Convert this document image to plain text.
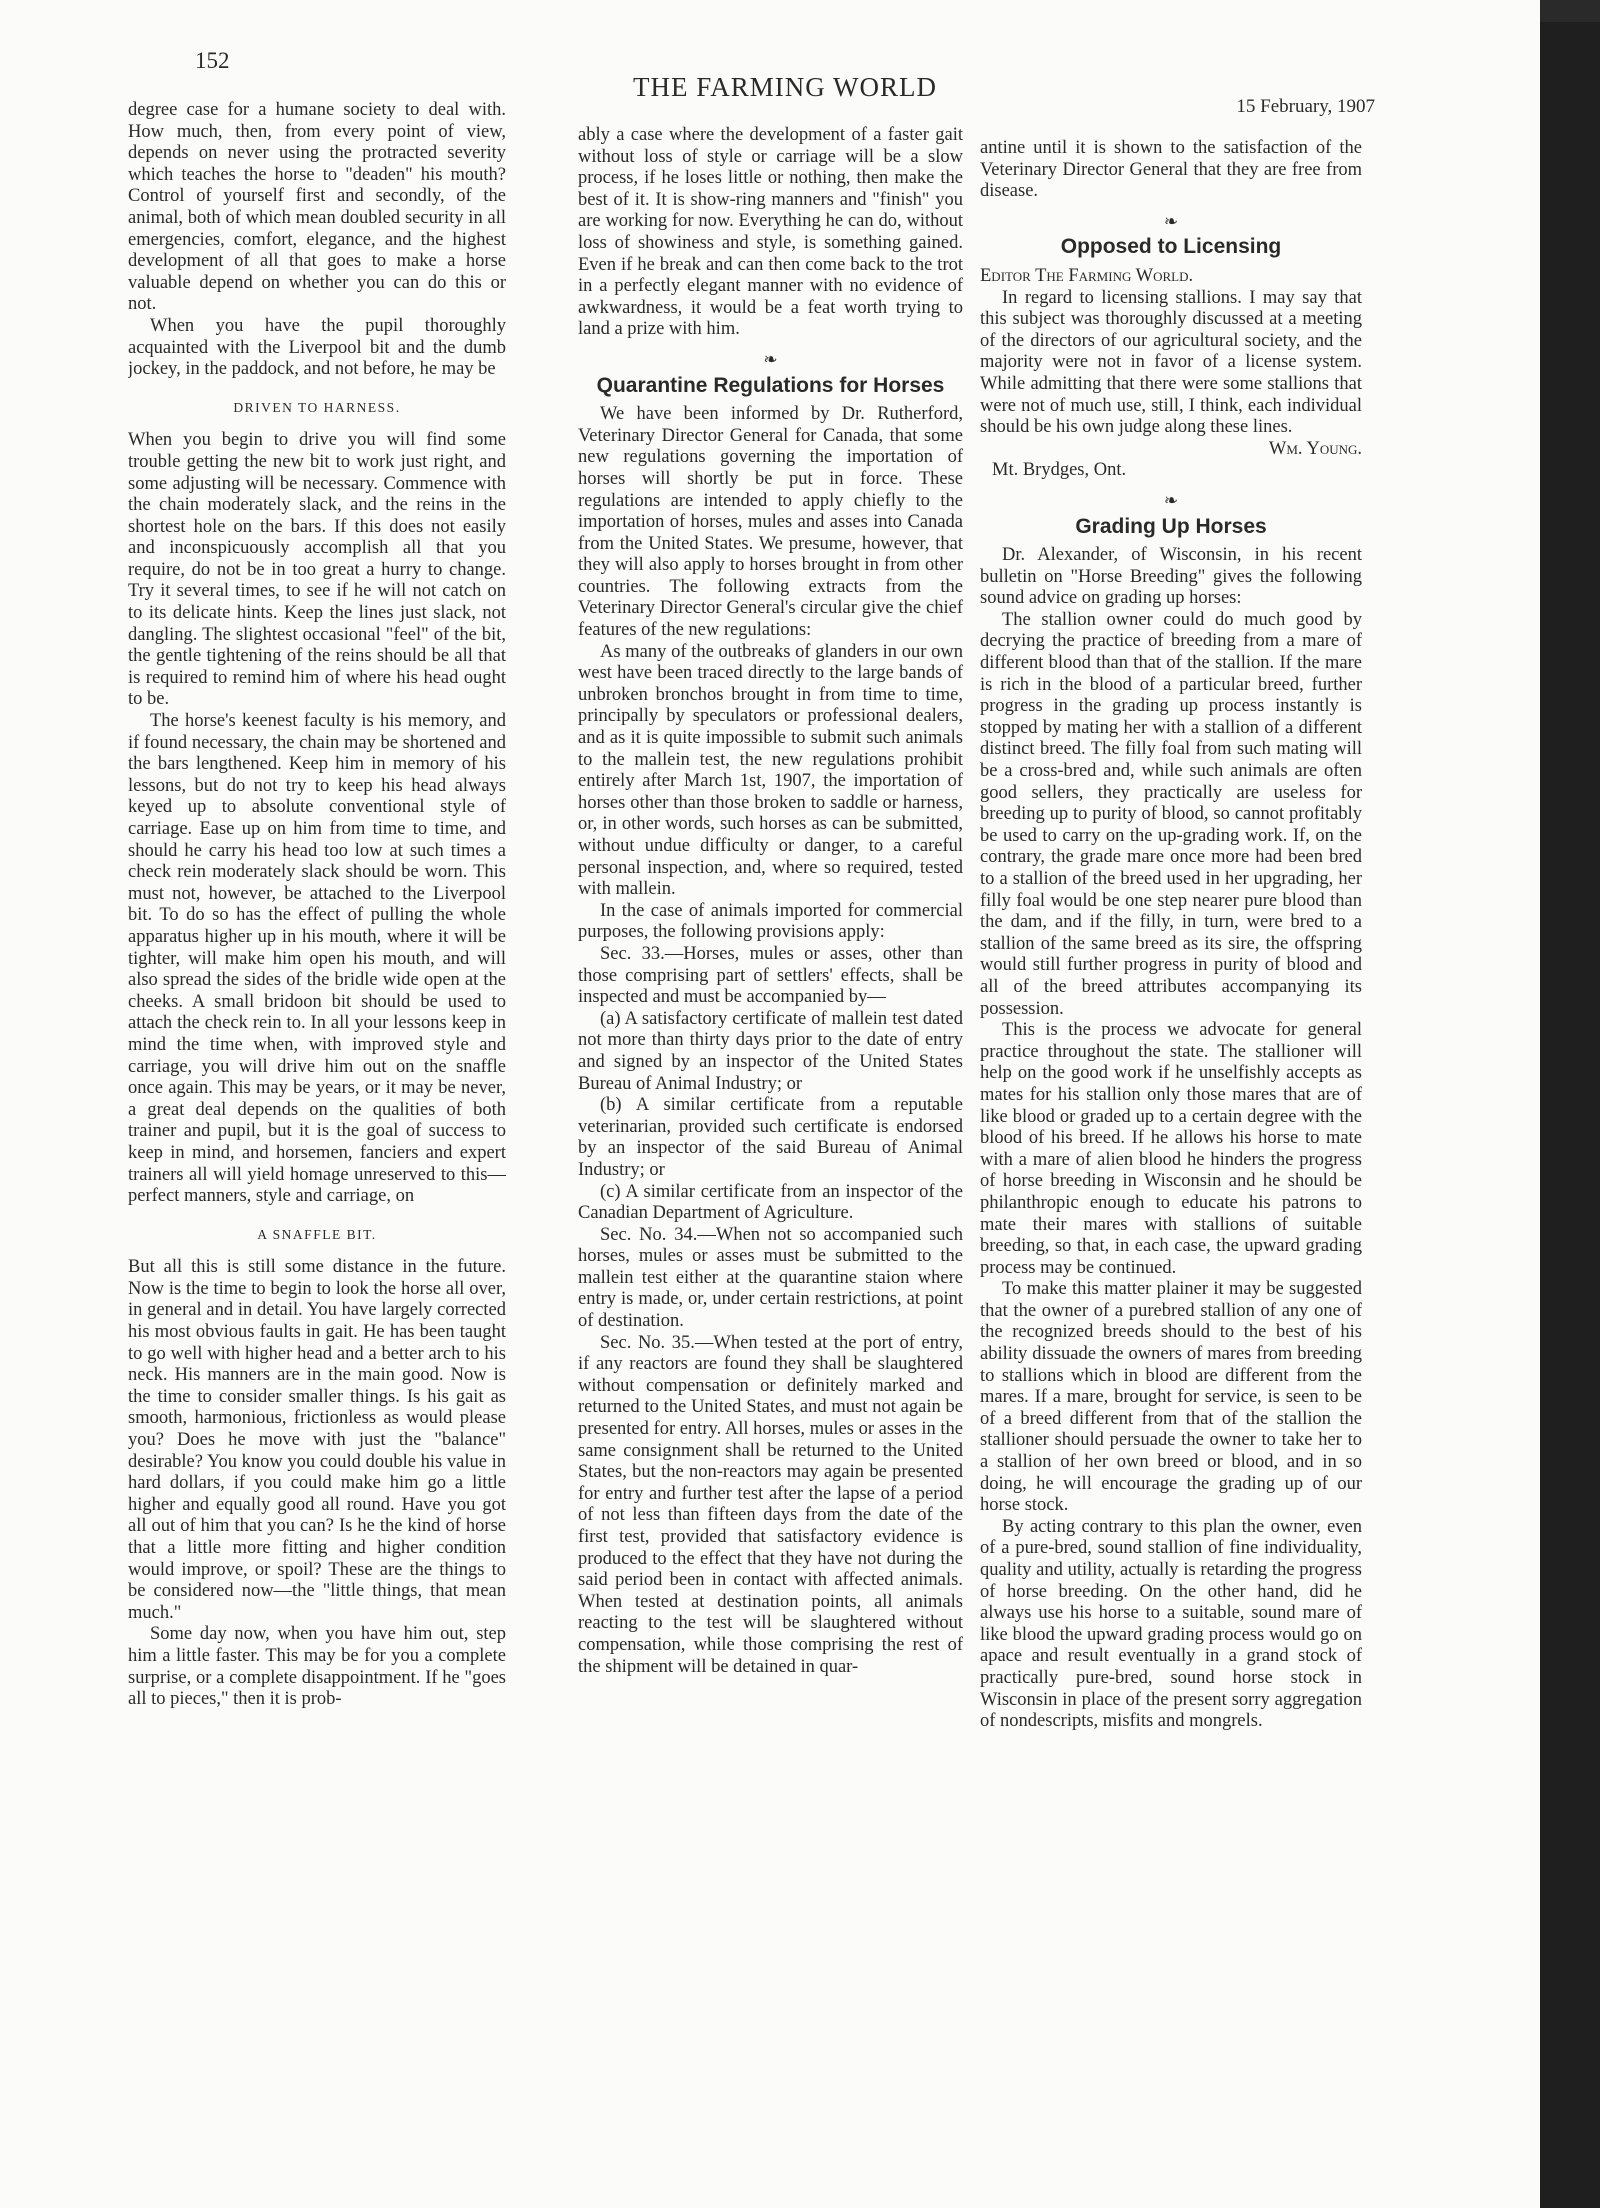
152
THE FARMING WORLD
15 February, 1907

degree case for a humane society to deal with. How much, then, from every point of view, depends on never using the protracted severity which teaches the horse to "deaden" his mouth? Control of yourself first and secondly, of the animal, both of which mean doubled security in all emergencies, comfort, elegance, and the highest development of all that goes to make a horse valuable depend on whether you can do this or not.

When you have the pupil thoroughly acquainted with the Liverpool bit and the dumb jockey, in the paddock, and not before, he may be

DRIVEN TO HARNESS.

When you begin to drive you will find some trouble getting the new bit to work just right, and some adjusting will be necessary. Commence with the chain moderately slack, and the reins in the shortest hole on the bars. If this does not easily and inconspicuously accomplish all that you require, do not be in too great a hurry to change. Try it several times, to see if he will not catch on to its delicate hints. Keep the lines just slack, not dangling. The slightest occasional "feel" of the bit, the gentle tightening of the reins should be all that is required to remind him of where his head ought to be.

The horse's keenest faculty is his memory, and if found necessary, the chain may be shortened and the bars lengthened. Keep him in memory of his lessons, but do not try to keep his head always keyed up to absolute conventional style of carriage. Ease up on him from time to time, and should he carry his head too low at such times a check rein moderately slack should be worn. This must not, however, be attached to the Liverpool bit. To do so has the effect of pulling the whole apparatus higher up in his mouth, where it will be tighter, will make him open his mouth, and will also spread the sides of the bridle wide open at the cheeks. A small bridoon bit should be used to attach the check rein to. In all your lessons keep in mind the time when, with improved style and carriage, you will drive him out on the snaffle once again. This may be years, or it may be never, a great deal depends on the qualities of both trainer and pupil, but it is the goal of success to keep in mind, and horsemen, fanciers and expert trainers all will yield homage unreserved to this—perfect manners, style and carriage, on

A SNAFFLE BIT.

But all this is still some distance in the future. Now is the time to begin to look the horse all over, in general and in detail. You have largely corrected his most obvious faults in gait. He has been taught to go well with higher head and a better arch to his neck. His manners are in the main good. Now is the time to consider smaller things. Is his gait as smooth, harmonious, frictionless as would please you? Does he move with just the "balance" desirable? You know you could double his value in hard dollars, if you could make him go a little higher and equally good all round. Have you got all out of him that you can? Is he the kind of horse that a little more fitting and higher condition would improve, or spoil? These are the things to be considered now—the "little things, that mean much."

Some day now, when you have him out, step him a little faster. This may be for you a complete surprise, or a complete disappointment. If he "goes all to pieces," then it is prob-

ably a case where the development of a faster gait without loss of style or carriage will be a slow process, if he loses little or nothing, then make the best of it. It is show-ring manners and "finish" you are working for now. Everything he can do, without loss of showiness and style, is something gained. Even if he break and can then come back to the trot in a perfectly elegant manner with no evidence of awkwardness, it would be a feat worth trying to land a prize with him.

❧
Quarantine Regulations for Horses

We have been informed by Dr. Rutherford, Veterinary Director General for Canada, that some new regulations governing the importation of horses will shortly be put in force. These regulations are intended to apply chiefly to the importation of horses, mules and asses into Canada from the United States. We presume, however, that they will also apply to horses brought in from other countries. The following extracts from the Veterinary Director General's circular give the chief features of the new regulations:

As many of the outbreaks of glanders in our own west have been traced directly to the large bands of unbroken bronchos brought in from time to time, principally by speculators or professional dealers, and as it is quite impossible to submit such animals to the mallein test, the new regulations prohibit entirely after March 1st, 1907, the importation of horses other than those broken to saddle or harness, or, in other words, such horses as can be submitted, without undue difficulty or danger, to a careful personal inspection, and, where so required, tested with mallein.

In the case of animals imported for commercial purposes, the following provisions apply:

Sec. 33.—Horses, mules or asses, other than those comprising part of settlers' effects, shall be inspected and must be accompanied by—

(a) A satisfactory certificate of mallein test dated not more than thirty days prior to the date of entry and signed by an inspector of the United States Bureau of Animal Industry; or

(b) A similar certificate from a reputable veterinarian, provided such certificate is endorsed by an inspector of the said Bureau of Animal Industry; or

(c) A similar certificate from an inspector of the Canadian Department of Agriculture.

Sec. No. 34.—When not so accompanied such horses, mules or asses must be submitted to the mallein test either at the quarantine staion where entry is made, or, under certain restrictions, at point of destination.

Sec. No. 35.—When tested at the port of entry, if any reactors are found they shall be slaughtered without compensation or definitely marked and returned to the United States, and must not again be presented for entry. All horses, mules or asses in the same consignment shall be returned to the United States, but the non-reactors may again be presented for entry and further test after the lapse of a period of not less than fifteen days from the date of the first test, provided that satisfactory evidence is produced to the effect that they have not during the said period been in contact with affected animals. When tested at destination points, all animals reacting to the test will be slaughtered without compensation, while those comprising the rest of the shipment will be detained in quar-

antine until it is shown to the satisfaction of the Veterinary Director General that they are free from disease.

❧
Opposed to Licensing

Editor The Farming World.

In regard to licensing stallions. I may say that this subject was thoroughly discussed at a meeting of the directors of our agricultural society, and the majority were not in favor of a license system. While admitting that there were some stallions that were not of much use, still, I think, each individual should be his own judge along these lines.

Wm. Young.

Mt. Brydges, Ont.

❧
Grading Up Horses

Dr. Alexander, of Wisconsin, in his recent bulletin on "Horse Breeding" gives the following sound advice on grading up horses:

The stallion owner could do much good by decrying the practice of breeding from a mare of different blood than that of the stallion. If the mare is rich in the blood of a particular breed, further progress in the grading up process instantly is stopped by mating her with a stallion of a different distinct breed. The filly foal from such mating will be a cross-bred and, while such animals are often good sellers, they practically are useless for breeding up to purity of blood, so cannot profitably be used to carry on the up-grading work. If, on the contrary, the grade mare once more had been bred to a stallion of the breed used in her upgrading, her filly foal would be one step nearer pure blood than the dam, and if the filly, in turn, were bred to a stallion of the same breed as its sire, the offspring would still further progress in purity of blood and all of the breed attributes accompanying its possession.

This is the process we advocate for general practice throughout the state. The stallioner will help on the good work if he unselfishly accepts as mates for his stallion only those mares that are of like blood or graded up to a certain degree with the blood of his breed. If he allows his horse to mate with a mare of alien blood he hinders the progress of horse breeding in Wisconsin and he should be philanthropic enough to educate his patrons to mate their mares with stallions of suitable breeding, so that, in each case, the upward grading process may be continued.

To make this matter plainer it may be suggested that the owner of a purebred stallion of any one of the recognized breeds should to the best of his ability dissuade the owners of mares from breeding to stallions which in blood are different from the mares. If a mare, brought for service, is seen to be of a breed different from that of the stallion the stallioner should persuade the owner to take her to a stallion of her own breed or blood, and in so doing, he will encourage the grading up of our horse stock.

By acting contrary to this plan the owner, even of a pure-bred, sound stallion of fine individuality, quality and utility, actually is retarding the progress of horse breeding. On the other hand, did he always use his horse to a suitable, sound mare of like blood the upward grading process would go on apace and result eventually in a grand stock of practically pure-bred, sound horse stock in Wisconsin in place of the present sorry aggregation of nondescripts, misfits and mongrels.
